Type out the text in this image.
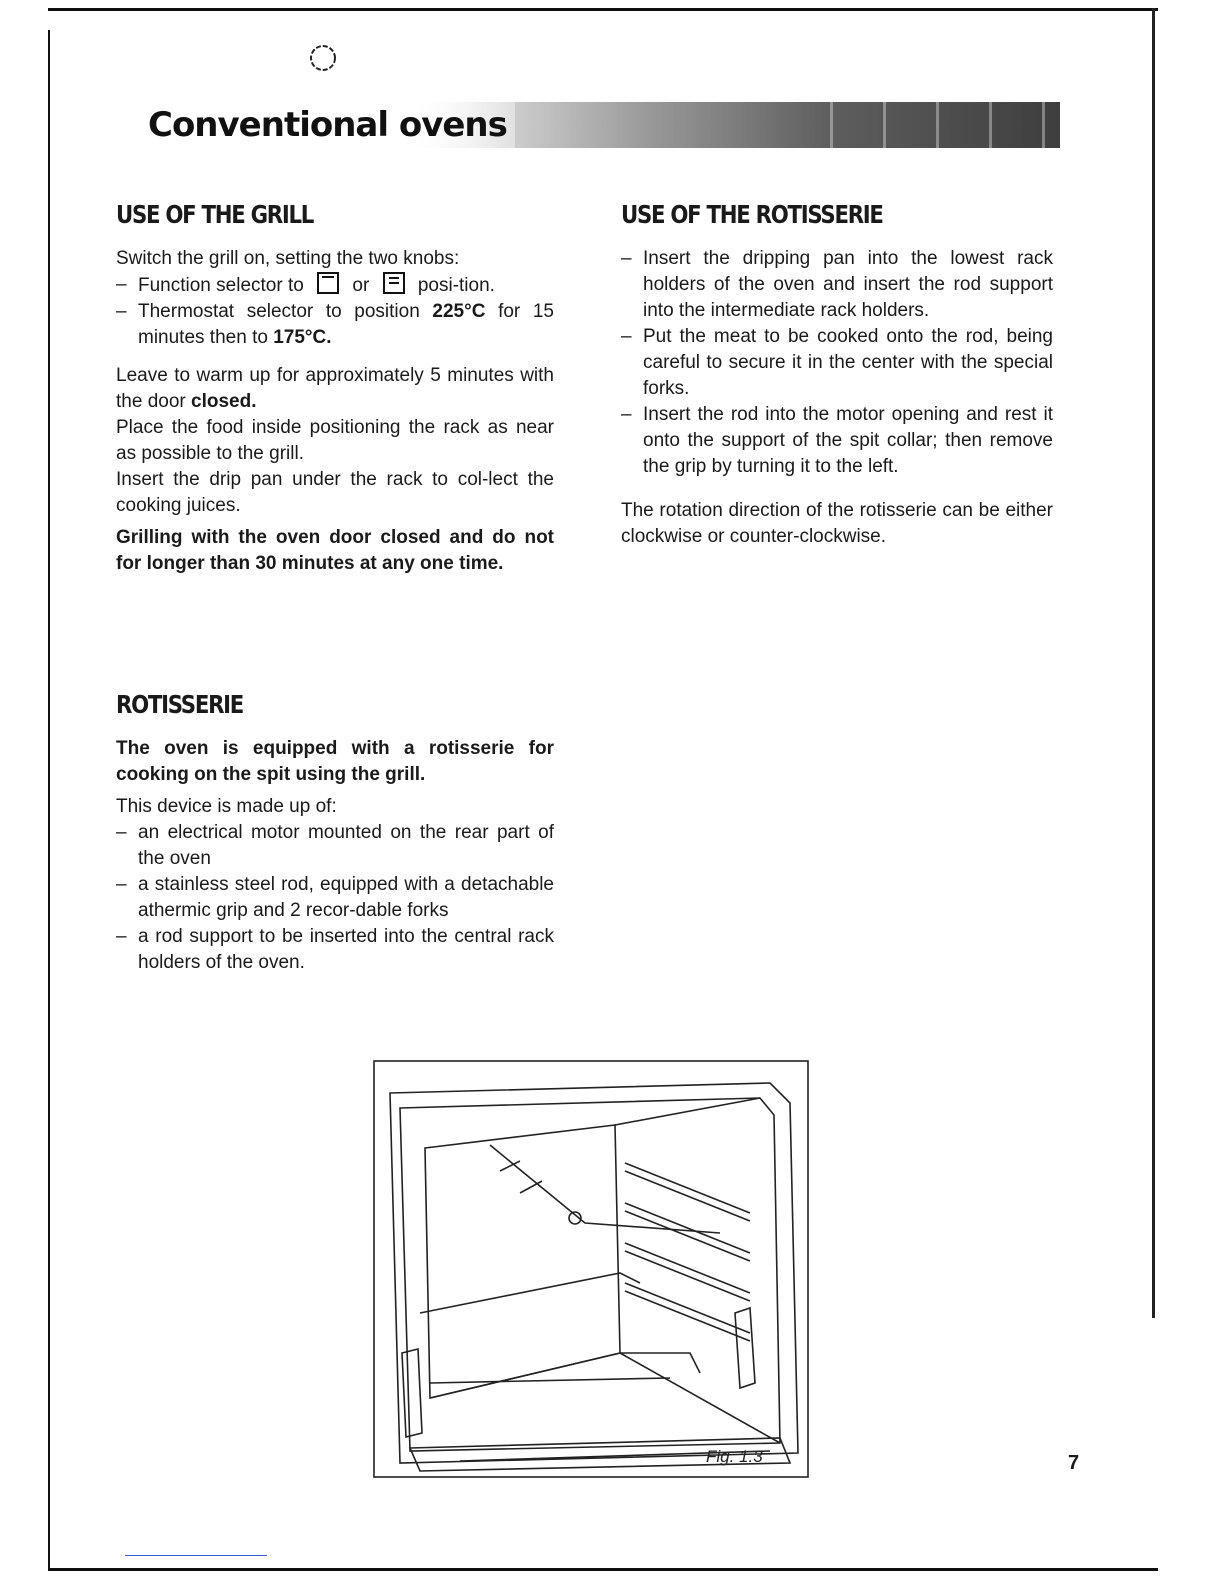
Conventional ovens
USE OF THE GRILL

Switch the grill on, setting the two knobs:

– Function selector to	or	posi-tion.
– Thermostat selector to position 225°C for 15 minutes then to 175°C.

Leave to warm up for approximately 5 minutes with the door closed.

Place the food inside positioning the rack as near as possible to the grill.

Insert the drip pan under the rack to col-lect the cooking juices.

Grilling with the oven door closed and do not for longer than 30 minutes at any one time.

ROTISSERIE

The oven is equipped with a rotisserie for cooking on the spit using the grill.

This device is made up of:

– an electrical motor mounted on the rear part of the oven
– a stainless steel rod, equipped with a detachable athermic grip and 2 recor-dable forks
– a rod support to be inserted into the central rack holders of the oven.
USE OF THE ROTISSERIE
– Insert the dripping pan into the lowest rack holders of the oven and insert the rod support into the intermediate rack holders.
– Put the meat to be cooked onto the rod, being careful to secure it in the center with the special forks.
– Insert the rod into the motor opening and rest it onto the support of the spit collar; then remove the grip by turning it to the left.

The rotation direction of the rotisserie can be either clockwise or counter-clockwise.

Fig. 1.3	7
